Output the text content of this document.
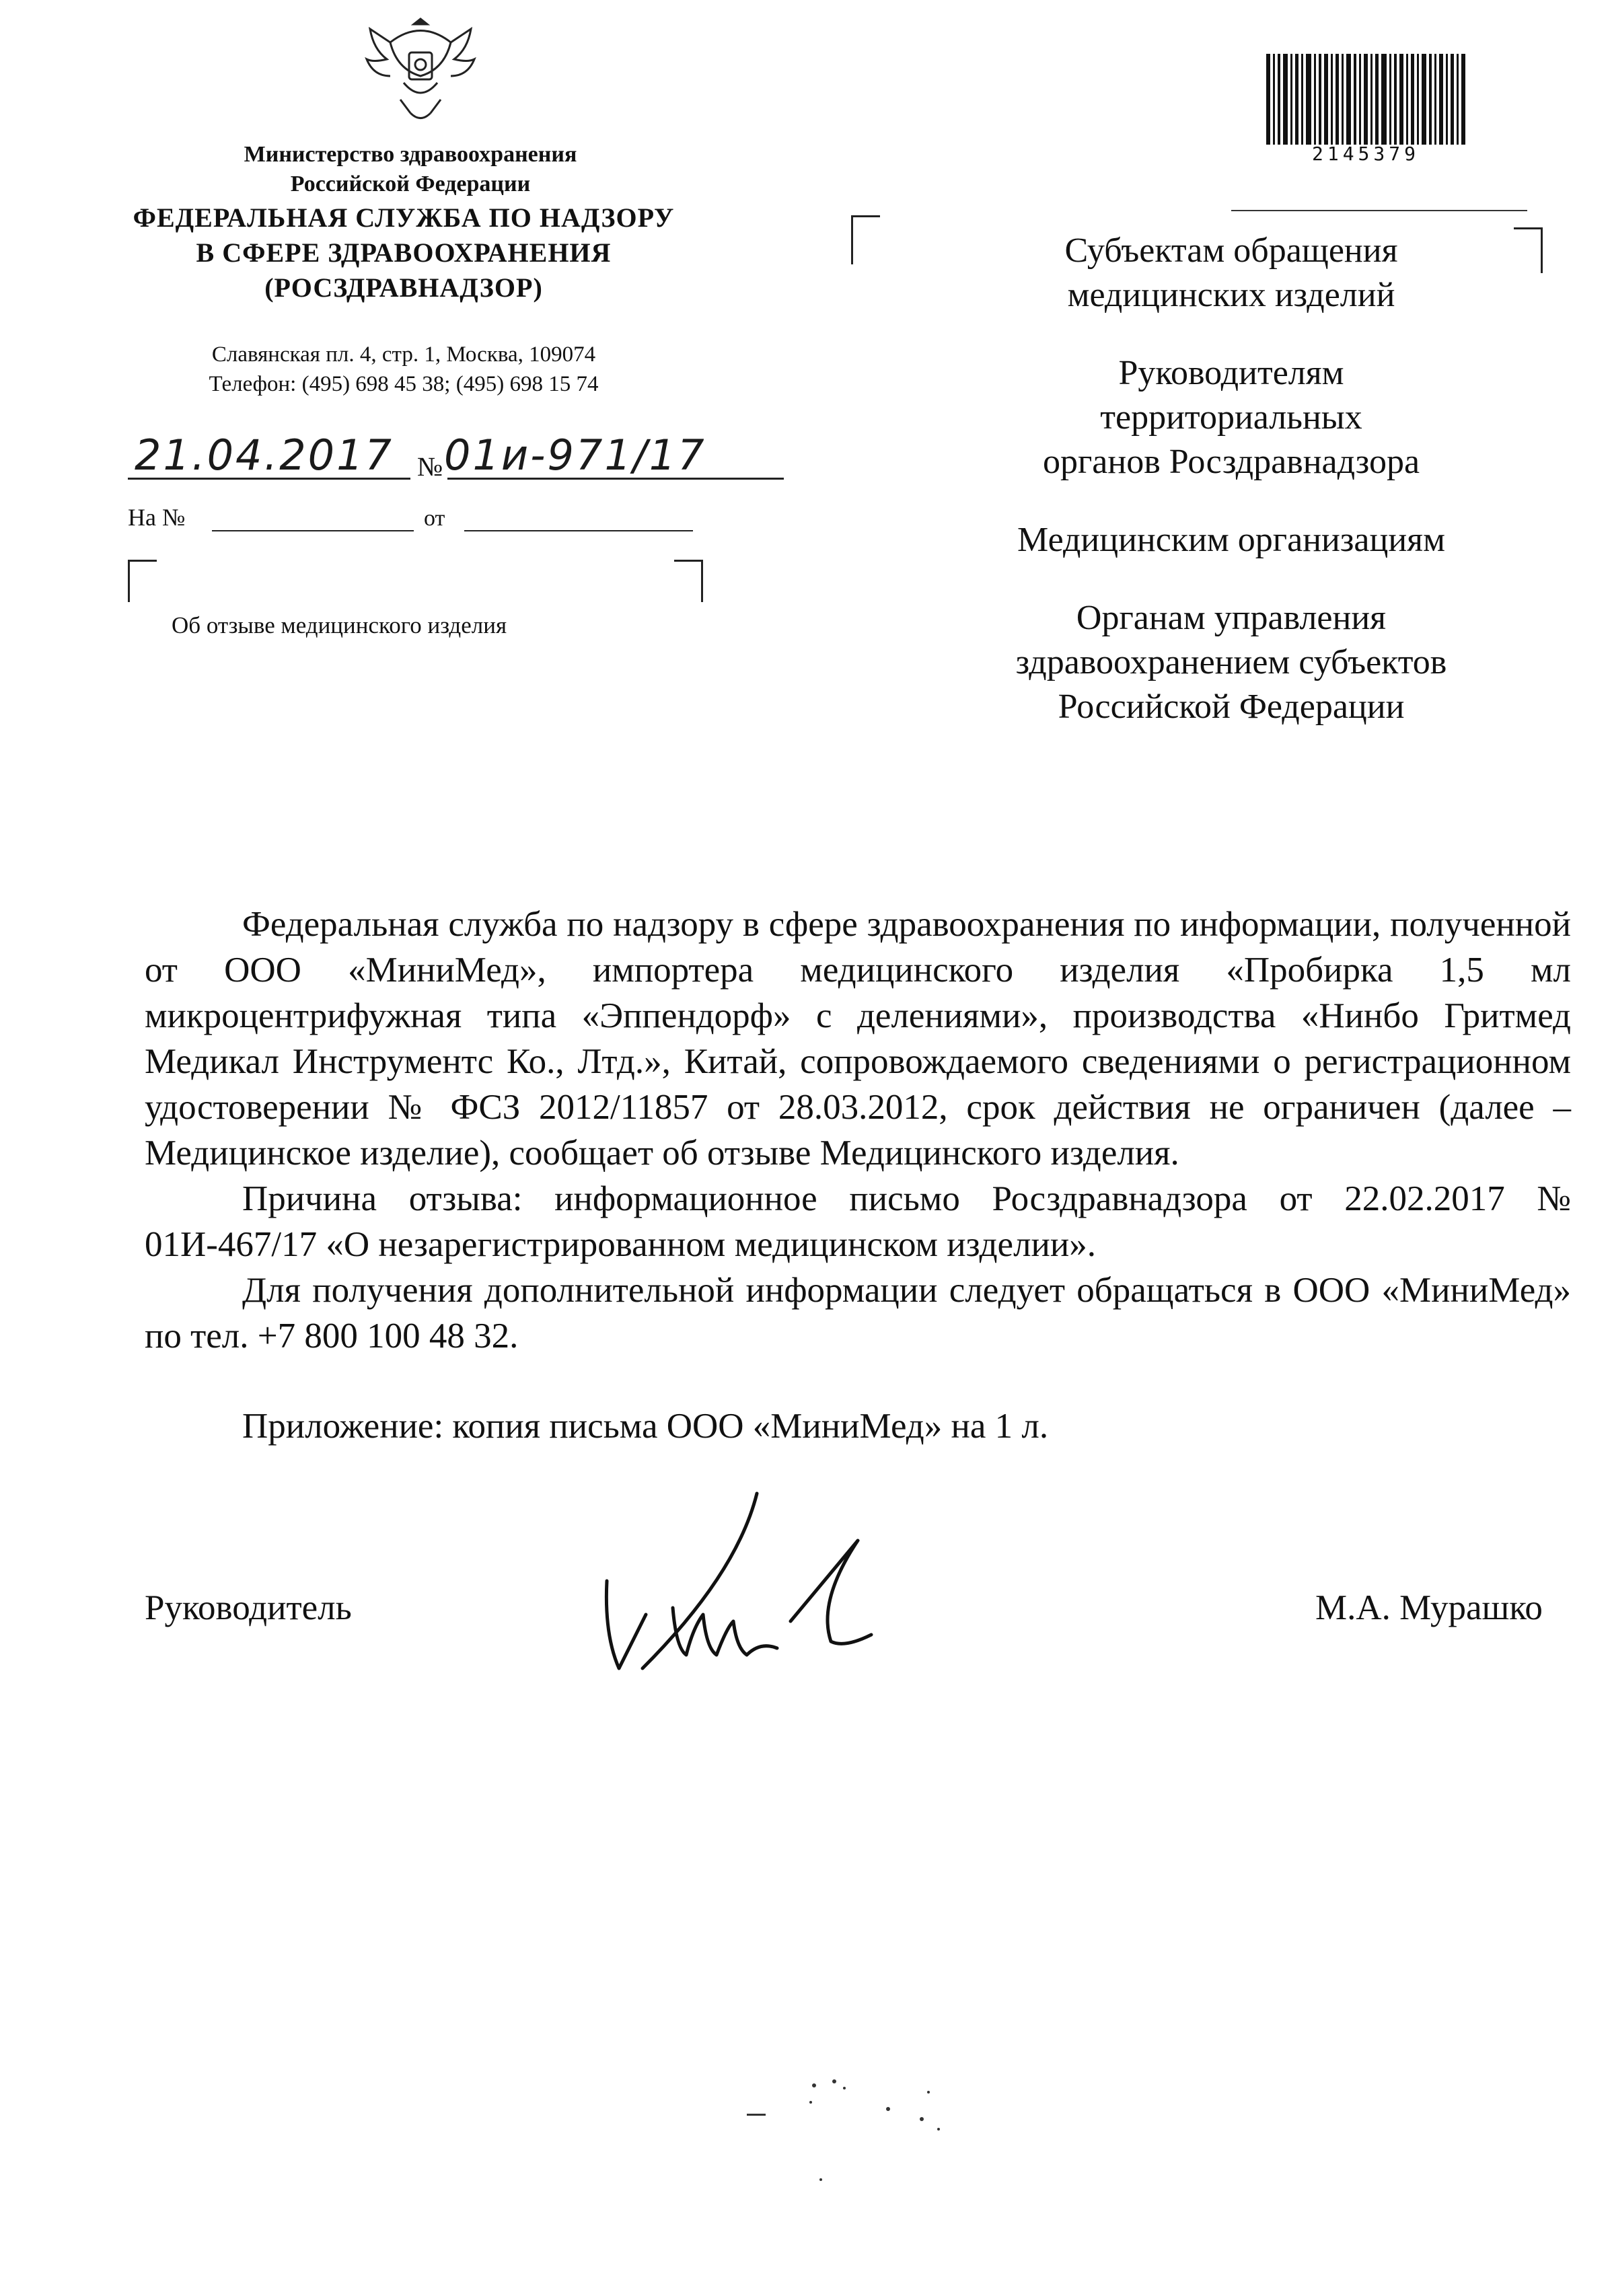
Министерство здравоохранения
Российской Федерации
ФЕДЕРАЛЬНАЯ СЛУЖБА ПО НАДЗОРУ
В СФЕРЕ ЗДРАВООХРАНЕНИЯ
(РОСЗДРАВНАДЗОР)
Славянская пл. 4, стр. 1, Москва, 109074
Телефон: (495) 698 45 38; (495) 698 15 74
21.04.2017 № 01и-971/17
На №	от
Об отзыве медицинского изделия
2145379
Субъектам обращения
медицинских изделий
Руководителям
территориальных
органов Росздравнадзора
Медицинским организациям
Органам управления
здравоохранением субъектов
Российской Федерации

Федеральная служба по надзору в сфере здравоохранения по информации, полученной от ООО «МиниМед», импортера медицинского изделия «Пробирка 1,5 мл микроцентрифужная типа «Эппендорф» с делениями», производства «Нинбо Гритмед Медикал Инструментс Ко., Лтд.», Китай, сопровождаемого сведениями о регистрационном удостоверении № ФСЗ 2012/11857 от 28.03.2012, срок действия не ограничен (далее – Медицинское изделие), сообщает об отзыве Медицинского изделия.

Причина отзыва: информационное письмо Росздравнадзора от 22.02.2017 № 01И-467/17 «О незарегистрированном медицинском изделии».

Для получения дополнительной информации следует обращаться в ООО «МиниМед» по тел. +7 800 100 48 32.

Приложение: копия письма ООО «МиниМед» на 1 л.
Руководитель	М.А. Мурашко
